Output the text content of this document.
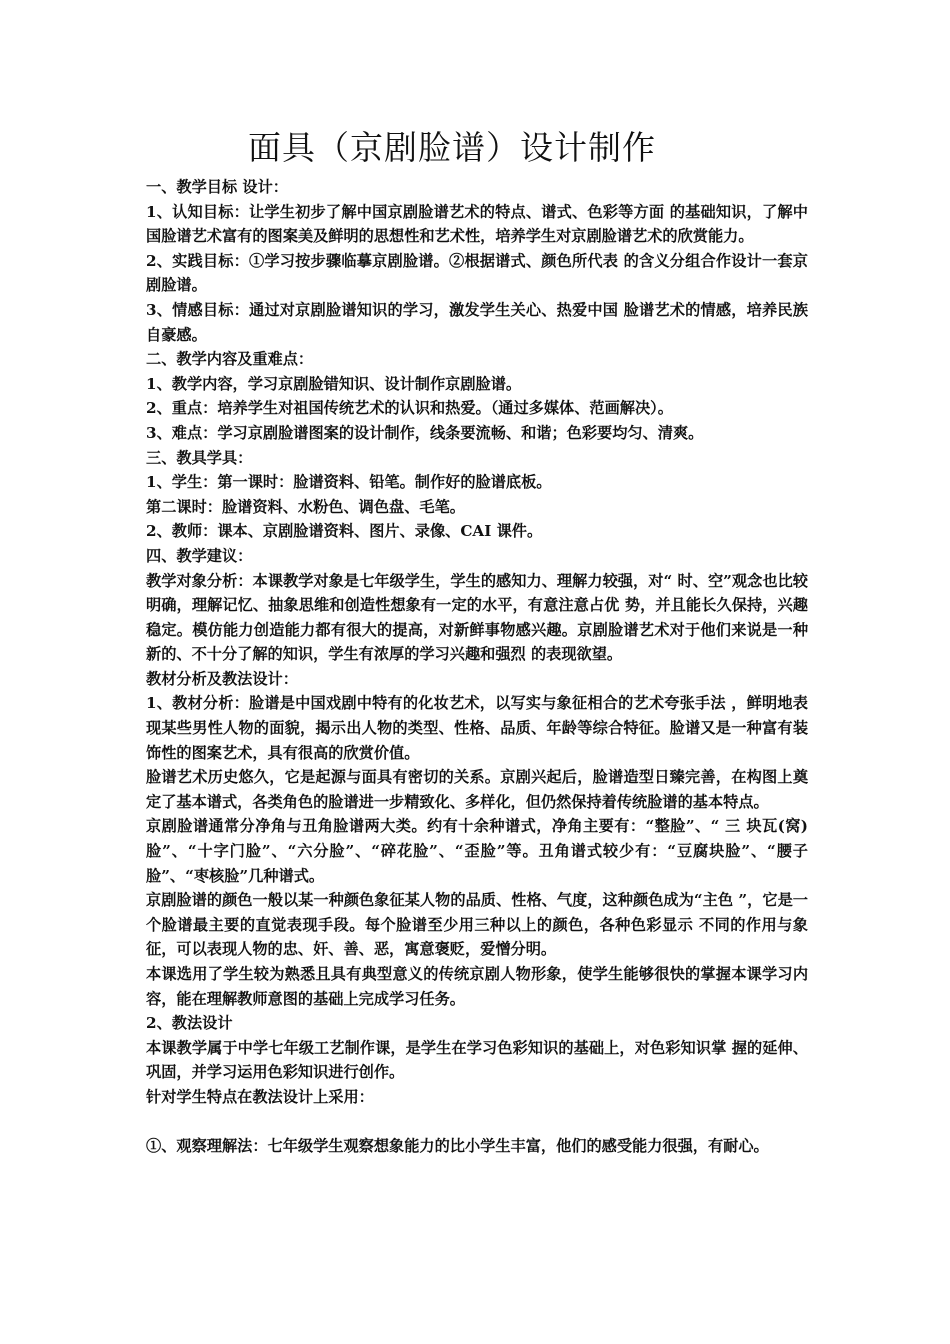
面具（京剧脸谱）设计制作

一、教学目标 设计：

1、认知目标：让学生初步了解中国京剧脸谱艺术的特点、谱式、色彩等方面 的基础知识，了解中国脸谱艺术富有的图案美及鲜明的思想性和艺术性，培养学生对京剧脸谱艺术的欣赏能力。

2、实践目标：①学习按步骤临摹京剧脸谱。②根据谱式、颜色所代表 的含义分组合作设计一套京剧脸谱。

3、情感目标：通过对京剧脸谱知识的学习，激发学生关心、热爱中国 脸谱艺术的情感，培养民族自豪感。

二、教学内容及重难点：

1、教学内容，学习京剧脸错知识、设计制作京剧脸谱。

2、重点：培养学生对祖国传统艺术的认识和热爱。（通过多媒体、范画解决）。

3、难点：学习京剧脸谱图案的设计制作，线条要流畅、和谐；色彩要均匀、清爽。

三、教具学具：

1、学生：第一课时：脸谱资料、铅笔。制作好的脸谱底板。

第二课时：脸谱资料、水粉色、调色盘、毛笔。

2、教师：课本、京剧脸谱资料、图片、录像、CAI 课件。

四、教学建议：

教学对象分析：本课教学对象是七年级学生，学生的感知力、理解力较强，对“ 时、空”观念也比较明确，理解记忆、抽象思维和创造性想象有一定的水平，有意注意占优 势，并且能长久保持，兴趣稳定。模仿能力创造能力都有很大的提高，对新鲜事物感兴趣。京剧脸谱艺术对于他们来说是一种新的、不十分了解的知识，学生有浓厚的学习兴趣和强烈 的表现欲望。

教材分析及教法设计：

1、教材分析：脸谱是中国戏剧中特有的化妆艺术，以写实与象征相合的艺术夸张手法 ，鲜明地表现某些男性人物的面貌，揭示出人物的类型、性格、品质、年龄等综合特征。脸谱又是一种富有装饰性的图案艺术，具有很高的欣赏价值。

脸谱艺术历史悠久，它是起源与面具有密切的关系。京剧兴起后，脸谱造型日臻完善，在构图上奠定了基本谱式，各类角色的脸谱进一步精致化、多样化，但仍然保持着传统脸谱的基本特点。

京剧脸谱通常分净角与丑角脸谱两大类。约有十余种谱式，净角主要有：“整脸”、“ 三 块瓦(窝)脸”、“十字门脸”、“六分脸”、“碎花脸”、“歪脸”等。丑角谱式较少有：“豆腐块脸”、“腰子脸”、“枣核脸”几种谱式。

京剧脸谱的颜色一般以某一种颜色象征某人物的品质、性格、气度，这种颜色成为“主色 ”，它是一个脸谱最主要的直觉表现手段。每个脸谱至少用三种以上的颜色，各种色彩显示 不同的作用与象征，可以表现人物的忠、奸、善、恶，寓意褒贬，爱憎分明。

本课选用了学生较为熟悉且具有典型意义的传统京剧人物形象，使学生能够很快的掌握本课学习内容，能在理解教师意图的基础上完成学习任务。

2、教法设计

本课教学属于中学七年级工艺制作课，是学生在学习色彩知识的基础上，对色彩知识掌 握的延伸、巩固，并学习运用色彩知识进行创作。

针对学生特点在教法设计上采用：

①、观察理解法：七年级学生观察想象能力的比小学生丰富，他们的感受能力很强，有耐心。
